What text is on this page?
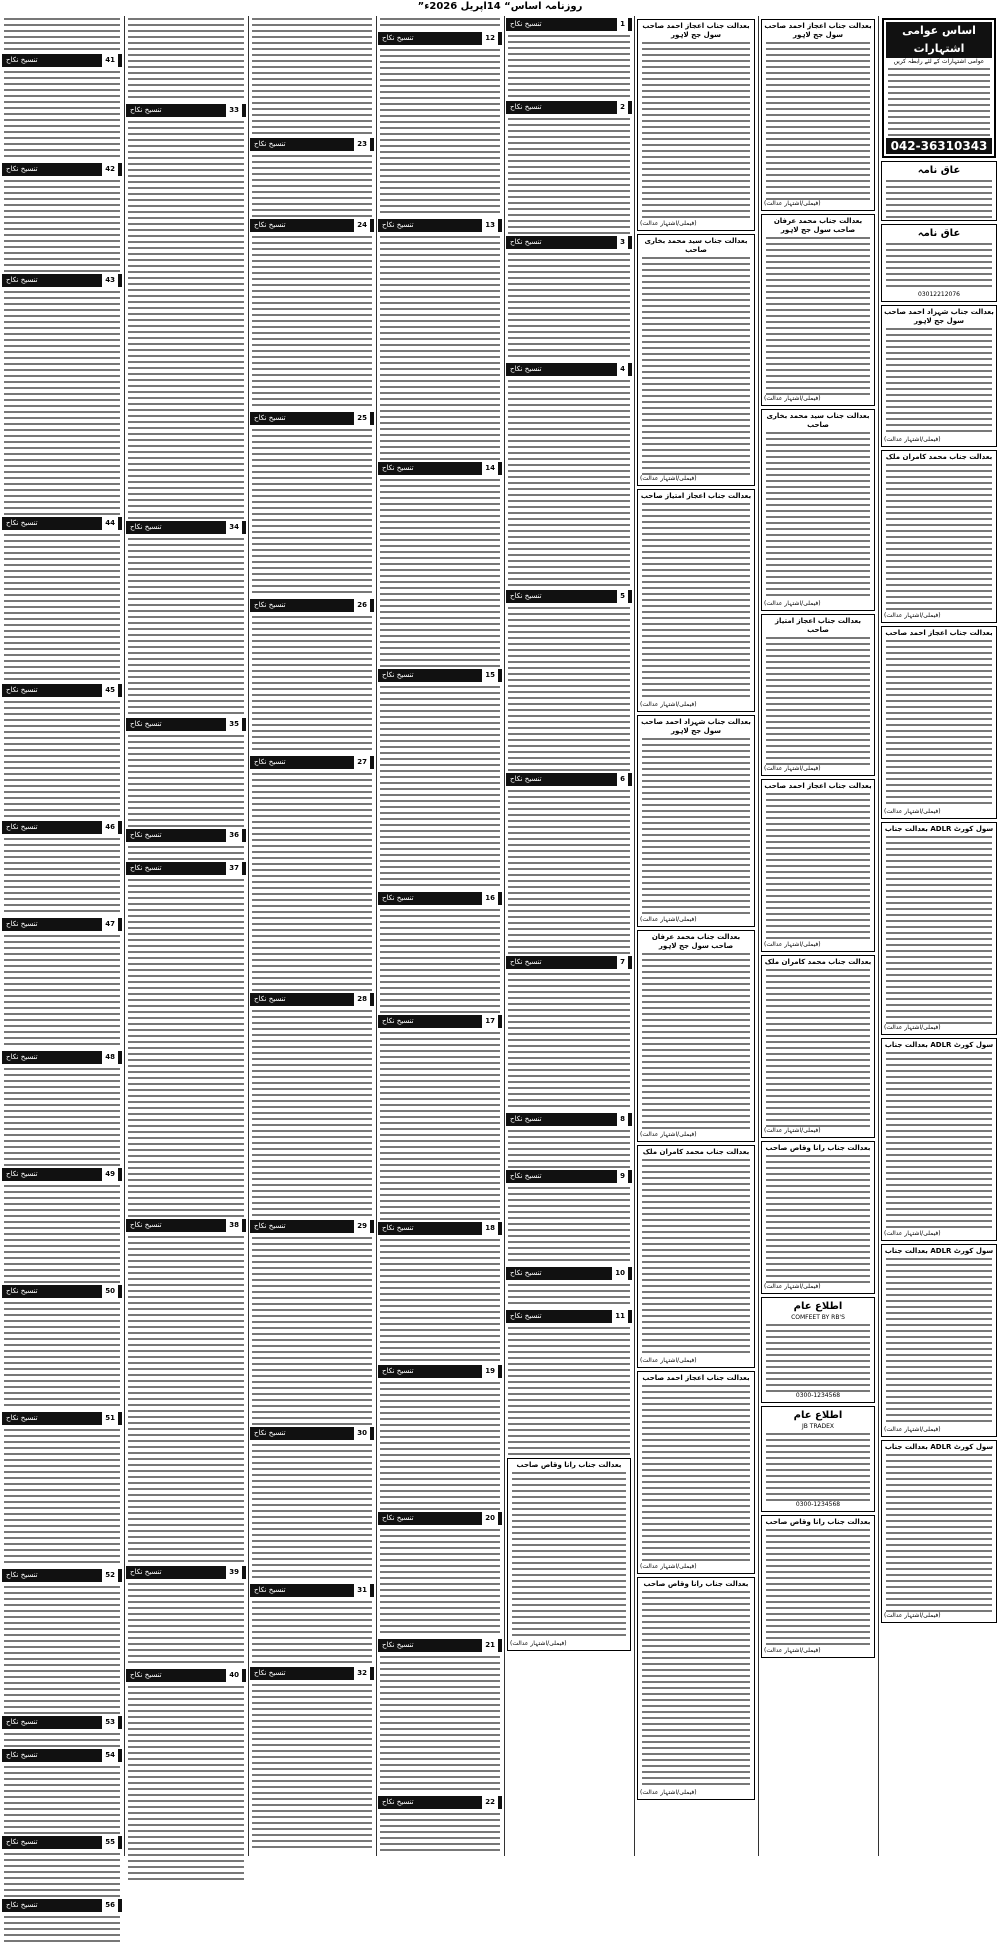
”روزنامہ اساس“ 14اپریل 2026ء
اساس عوامی اشتہارات
عوامی اشتہارات کے لئے رابطہ کریں
042-36310343
عاق نامہ
عاق نامہ
03012212076
بعدالت جناب شہزاد احمد صاحب سول جج لاہور
(فیملی/اشتہار عدالت)
بعدالت جناب محمد کامران ملک
(فیملی/اشتہار عدالت)
بعدالت جناب اعجاز احمد صاحب
(فیملی/اشتہار عدالت)
بعدالت جناب ADLR سول کورٹ
(فیملی/اشتہار عدالت)
بعدالت جناب ADLR سول کورٹ
(فیملی/اشتہار عدالت)
بعدالت جناب ADLR سول کورٹ
(فیملی/اشتہار عدالت)
بعدالت جناب ADLR سول کورٹ
(فیملی/اشتہار عدالت)
بعدالت جناب اعجاز احمد صاحب سول جج لاہور
(فیملی/اشتہار عدالت)
بعدالت جناب محمد عرفان صاحب سول جج لاہور
(فیملی/اشتہار عدالت)
بعدالت جناب سید محمد بخاری صاحب
(فیملی/اشتہار عدالت)
بعدالت جناب اعجاز امتیاز صاحب
(فیملی/اشتہار عدالت)
بعدالت جناب اعجاز احمد صاحب
(فیملی/اشتہار عدالت)
بعدالت جناب محمد کامران ملک
(فیملی/اشتہار عدالت)
بعدالت جناب رانا وقاص صاحب
(فیملی/اشتہار عدالت)
اطلاع عام
COMFEET BY RB'S
0300-1234568
اطلاع عام
JB TRADEX
0300-1234568
بعدالت جناب رانا وقاص صاحب
(فیملی/اشتہار عدالت)
بعدالت جناب اعجاز احمد صاحب سول جج لاہور
(فیملی/اشتہار عدالت)
بعدالت جناب سید محمد بخاری صاحب
(فیملی/اشتہار عدالت)
بعدالت جناب اعجاز امتیاز صاحب
(فیملی/اشتہار عدالت)
بعدالت جناب شہزاد احمد صاحب سول جج لاہور
(فیملی/اشتہار عدالت)
بعدالت جناب محمد عرفان صاحب سول جج لاہور
(فیملی/اشتہار عدالت)
بعدالت جناب محمد کامران ملک
(فیملی/اشتہار عدالت)
بعدالت جناب اعجاز احمد صاحب
(فیملی/اشتہار عدالت)
بعدالت جناب رانا وقاص صاحب
(فیملی/اشتہار عدالت)
تنسیخ نکاح	1
تنسیخ نکاح	2
تنسیخ نکاح	3
تنسیخ نکاح	4
تنسیخ نکاح	5
تنسیخ نکاح	6
تنسیخ نکاح	7
تنسیخ نکاح	8
تنسیخ نکاح	9
تنسیخ نکاح	10
تنسیخ نکاح	11
بعدالت جناب رانا وقاص صاحب
(فیملی/اشتہار عدالت)
تنسیخ نکاح	12
تنسیخ نکاح	13
تنسیخ نکاح	14
تنسیخ نکاح	15
تنسیخ نکاح	16
تنسیخ نکاح	17
تنسیخ نکاح	18
تنسیخ نکاح	19
تنسیخ نکاح	20
تنسیخ نکاح	21
تنسیخ نکاح	22
تنسیخ نکاح	23
تنسیخ نکاح	24
تنسیخ نکاح	25
تنسیخ نکاح	26
تنسیخ نکاح	27
تنسیخ نکاح	28
تنسیخ نکاح	29
تنسیخ نکاح	30
تنسیخ نکاح	31
تنسیخ نکاح	32
تنسیخ نکاح	33
تنسیخ نکاح	34
تنسیخ نکاح	35
تنسیخ نکاح	36
تنسیخ نکاح	37
تنسیخ نکاح	38
تنسیخ نکاح	39
تنسیخ نکاح	40
تنسیخ نکاح	41
تنسیخ نکاح	42
تنسیخ نکاح	43
تنسیخ نکاح	44
تنسیخ نکاح	45
تنسیخ نکاح	46
تنسیخ نکاح	47
تنسیخ نکاح	48
تنسیخ نکاح	49
تنسیخ نکاح	50
تنسیخ نکاح	51
تنسیخ نکاح	52
تنسیخ نکاح	53
تنسیخ نکاح	54
تنسیخ نکاح	55
تنسیخ نکاح	56
